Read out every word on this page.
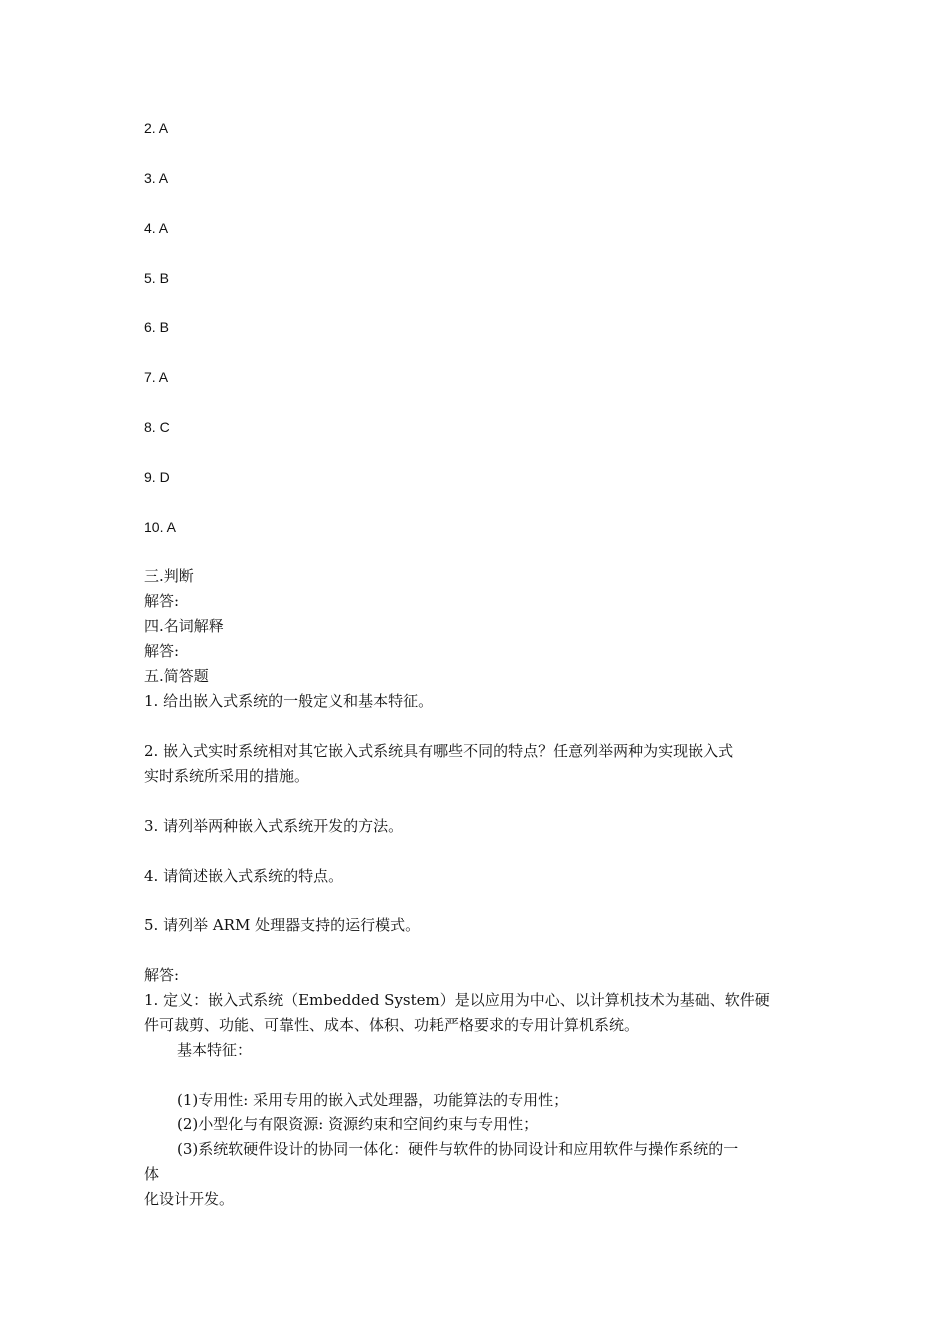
2. A
3. A
4. A
5. B
6. B
7. A
8. C
9. D
10. A
三.判断
解答:
四.名词解释
解答:
五.简答题
1. 给出嵌入式系统的一般定义和基本特征。
2. 嵌入式实时系统相对其它嵌入式系统具有哪些不同的特点？任意列举两种为实现嵌入式
实时系统所采用的措施。
3. 请列举两种嵌入式系统开发的方法。
4. 请简述嵌入式系统的特点。
5. 请列举 ARM 处理器支持的运行模式。
解答:
1. 定义：嵌入式系统（Embedded System）是以应用为中心、以计算机技术为基础、软件硬
件可裁剪、功能、可靠性、成本、体积、功耗严格要求的专用计算机系统。
基本特征：
(1)专用性: 采用专用的嵌入式处理器，功能算法的专用性；
(2)小型化与有限资源: 资源约束和空间约束与专用性；
(3)系统软硬件设计的协同一体化：硬件与软件的协同设计和应用软件与操作系统的一
体
化设计开发。
